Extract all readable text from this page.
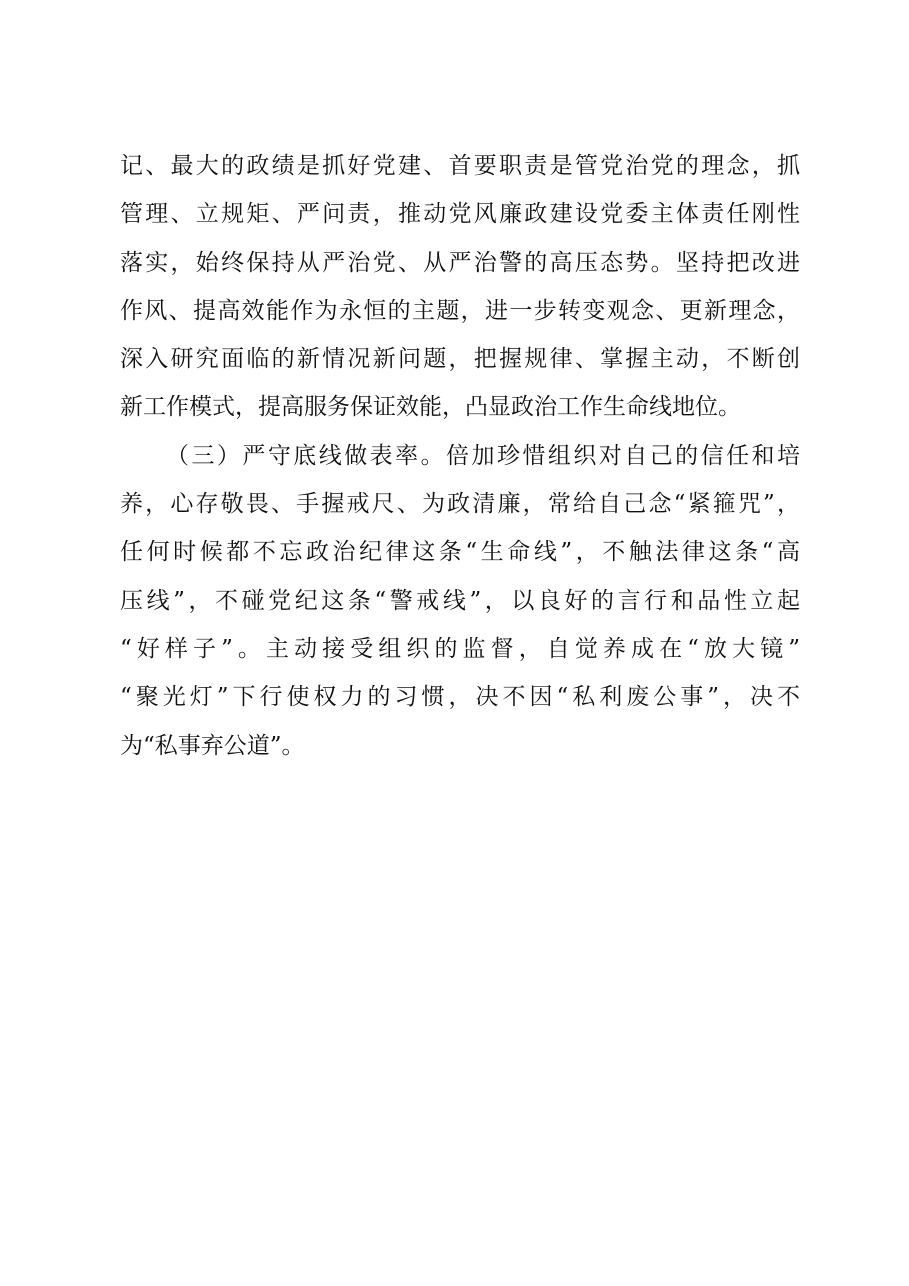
记、最大的政绩是抓好党建、首要职责是管党治党的理念，抓
管理、立规矩、严问责，推动党风廉政建设党委主体责任刚性
落实，始终保持从严治党、从严治警的高压态势。坚持把改进
作风、提高效能作为永恒的主题，进一步转变观念、更新理念，
深入研究面临的新情况新问题，把握规律、掌握主动，不断创
新工作模式，提高服务保证效能，凸显政治工作生命线地位。
（三）严守底线做表率。倍加珍惜组织对自己的信任和培
养，心存敬畏、手握戒尺、为政清廉，常给自己念“紧箍咒”，
任何时候都不忘政治纪律这条“生命线”，不触法律这条“高
压线”，不碰党纪这条“警戒线”，以良好的言行和品性立起
“好样子”。主动接受组织的监督，自觉养成在“放大镜”
“聚光灯”下行使权力的习惯，决不因“私利废公事”，决不
为“私事弃公道”。
